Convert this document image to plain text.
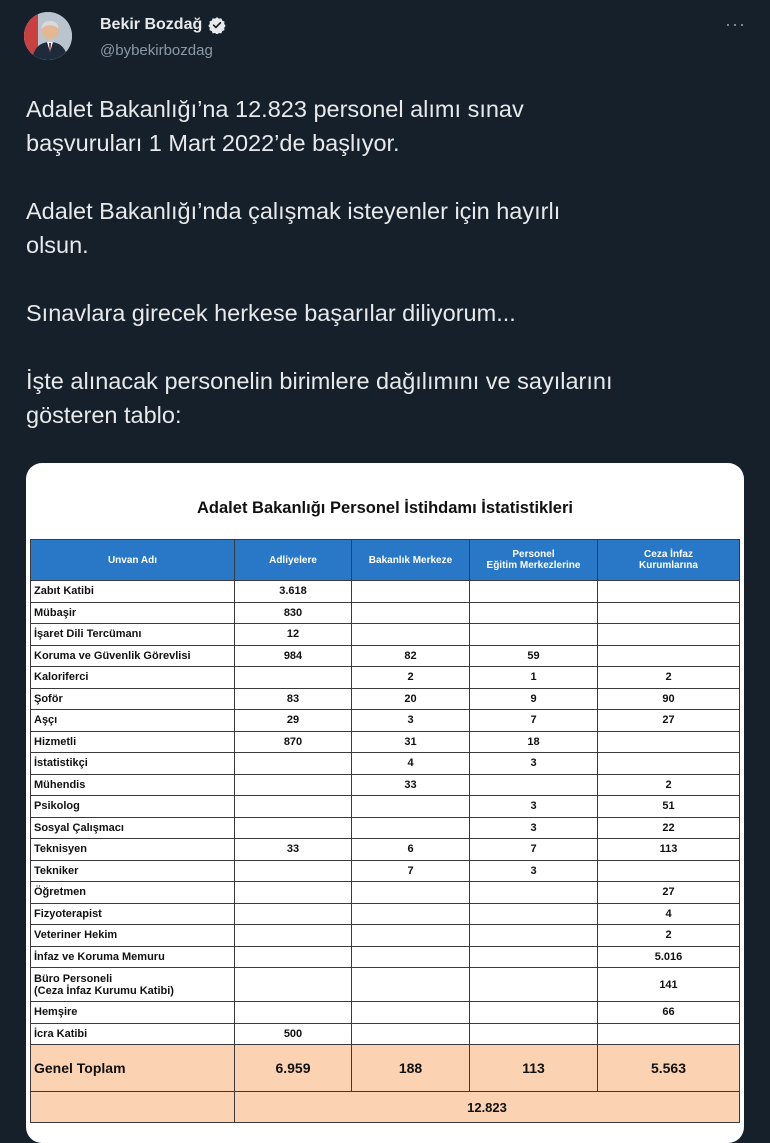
Bekir Bozdağ
@bybekirbozdag
···
Adalet Bakanlığı’na 12.823 personel alımı sınav
başvuruları 1 Mart 2022’de başlıyor.

Adalet Bakanlığı’nda çalışmak isteyenler için hayırlı
olsun.

Sınavlara girecek herkese başarılar diliyorum...

İşte alınacak personelin birimlere dağılımını ve sayılarını
gösteren tablo:
Adalet Bakanlığı Personel İstihdamı İstatistikleri
Unvan Adı	Adliyelere	Bakanlık Merkeze	Personel
Eğitim Merkezlerine	Ceza İnfaz
Kurumlarına

Zabıt Katibi	3.618			

Mübaşir	830			

İşaret Dili Tercümanı	12			

Koruma ve Güvenlik Görevlisi	984	82	59	

Kaloriferci		2	1	2

Şoför	83	20	9	90

Aşçı	29	3	7	27

Hizmetli	870	31	18	

İstatistikçi		4	3	

Mühendis		33		2

Psikolog			3	51

Sosyal Çalışmacı			3	22

Teknisyen	33	6	7	113

Tekniker		7	3	

Öğretmen				27

Fizyoterapist				4

Veteriner Hekim				2

İnfaz ve Koruma Memuru				5.016

Büro Personeli
(Ceza İnfaz Kurumu Katibi)				141

Hemşire				66

İcra Katibi	500			
Genel Toplam	6.959	188	113	5.563
	12.823			
